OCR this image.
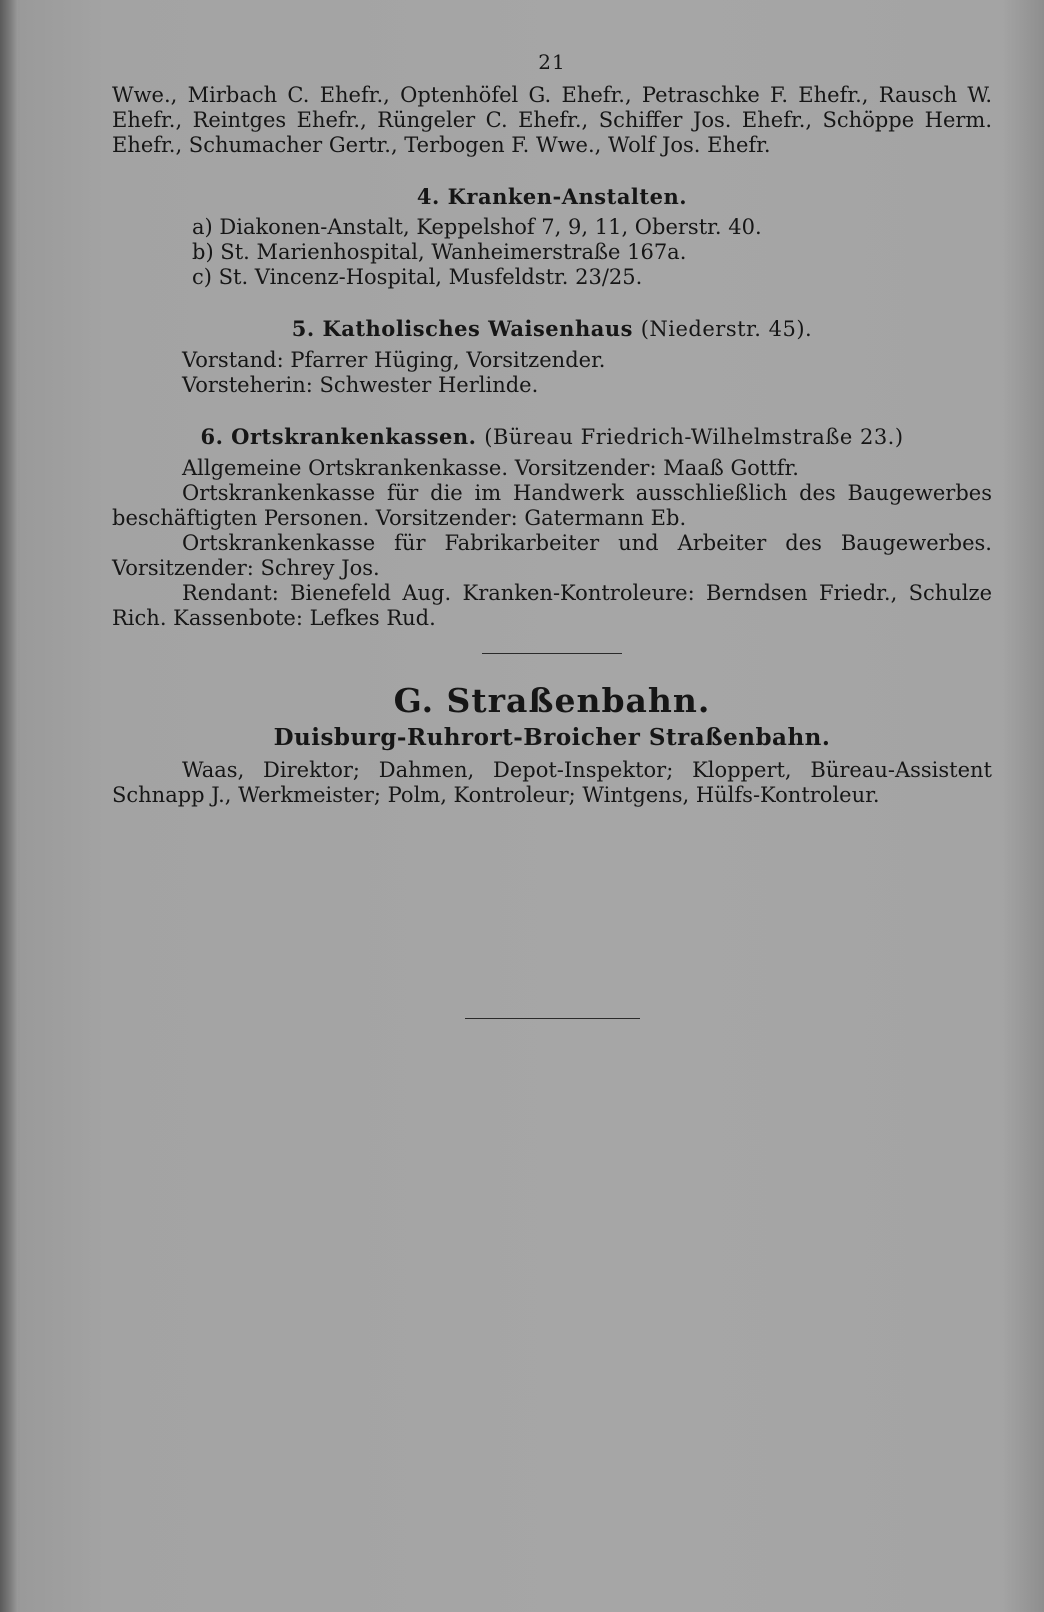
21

Wwe., Mirbach C. Ehefr., Optenhöfel G. Ehefr., Petraschke F. Ehefr., Rausch W. Ehefr., Reintges Ehefr., Rüngeler C. Ehefr., Schiffer Jos. Ehefr., Schöppe Herm. Ehefr., Schumacher Gertr., Terbogen F. Wwe., Wolf Jos. Ehefr.

4. Kranken-Anstalten.

a) Diakonen-Anstalt, Keppelshof 7, 9, 11, Oberstr. 40.

b) St. Marienhospital, Wanheimerstraße 167a.

c) St. Vincenz-Hospital, Musfeldstr. 23/25.

5. Katholisches Waisenhaus (Niederstr. 45).

Vorstand: Pfarrer Hüging, Vorsitzender.

Vorsteherin: Schwester Herlinde.

6. Ortskrankenkassen. (Büreau Friedrich-Wilhelmstraße 23.)

Allgemeine Ortskrankenkasse. Vorsitzender: Maaß Gottfr.

Ortskrankenkasse für die im Handwerk ausschließlich des Baugewerbes beschäftigten Personen. Vorsitzender: Gatermann Eb.

Ortskrankenkasse für Fabrikarbeiter und Arbeiter des Baugewerbes. Vorsitzender: Schrey Jos.

Rendant: Bienefeld Aug. Kranken-Kontroleure: Berndsen Friedr., Schulze Rich. Kassenbote: Lefkes Rud.

G. Straßenbahn.
Duisburg-Ruhrort-Broicher Straßenbahn.

Waas, Direktor; Dahmen, Depot-Inspektor; Kloppert, Büreau-Assistent Schnapp J., Werkmeister; Polm, Kontroleur; Wintgens, Hülfs-Kontroleur.
